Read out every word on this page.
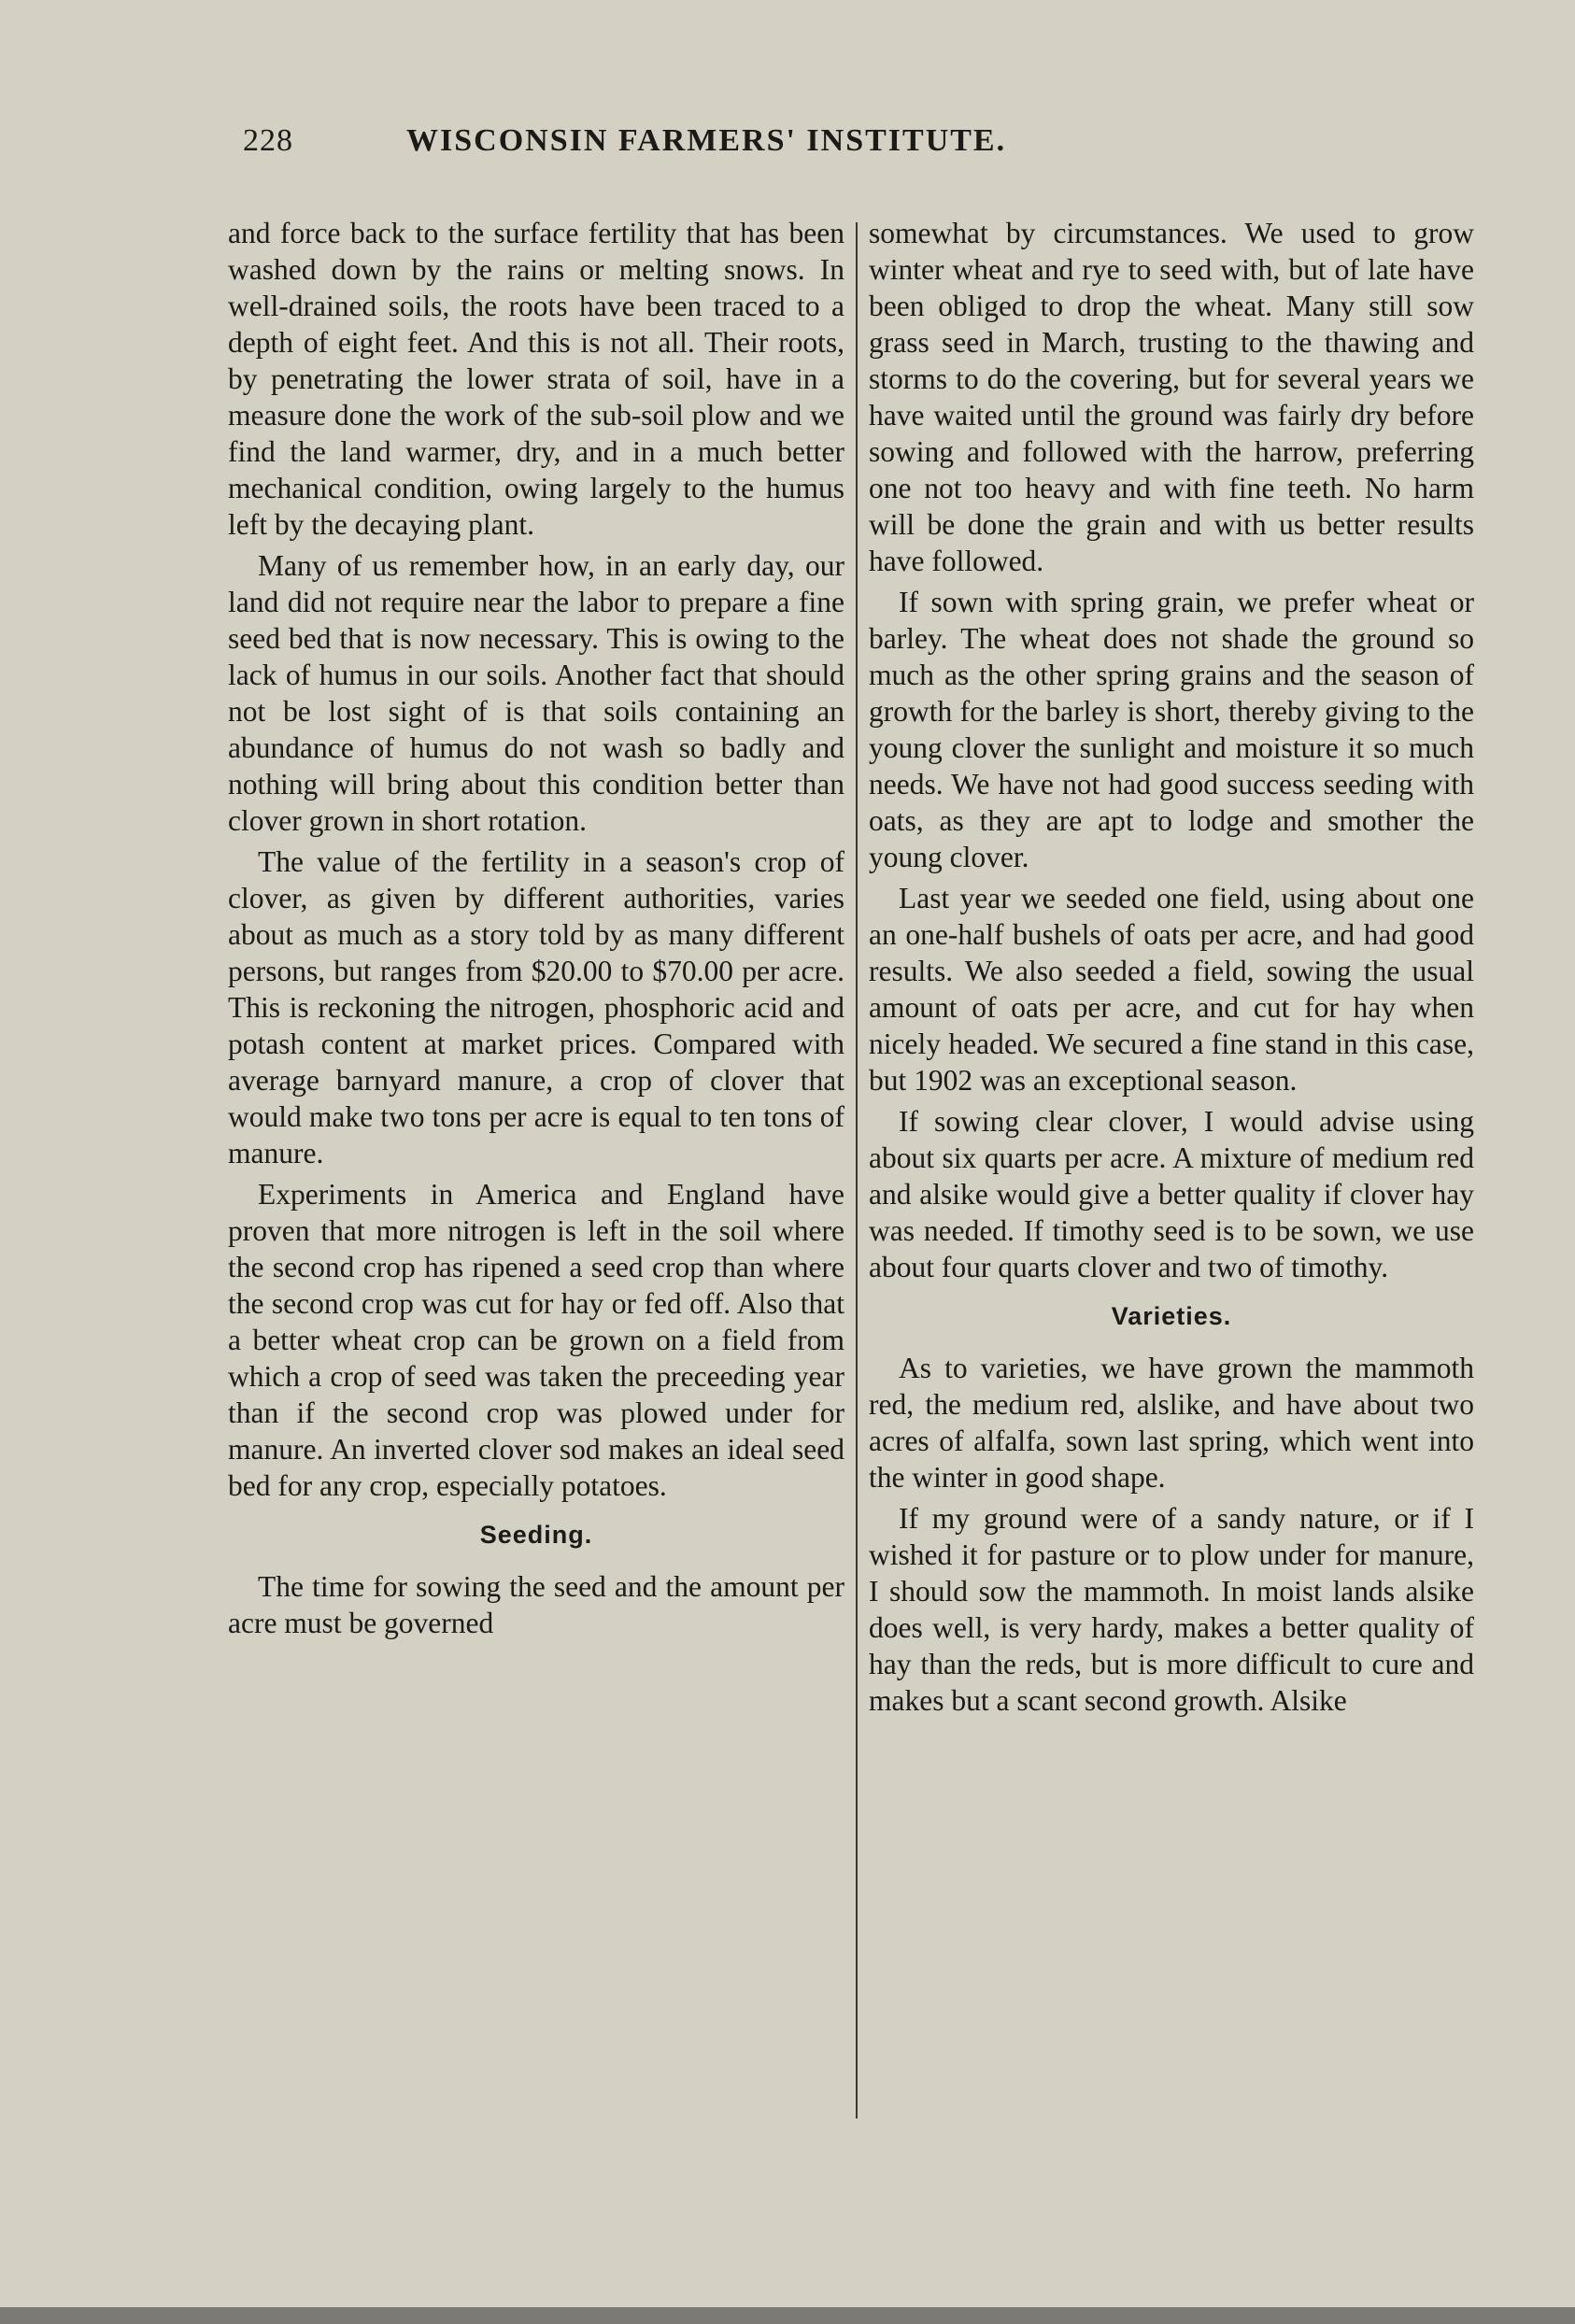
228	WISCONSIN FARMERS' INSTITUTE.

and force back to the surface fertility that has been washed down by the rains or melting snows. In well-drained soils, the roots have been traced to a depth of eight feet. And this is not all. Their roots, by penetrating the lower strata of soil, have in a measure done the work of the sub-soil plow and we find the land warmer, dry, and in a much better mechanical condition, owing largely to the humus left by the decaying plant.

Many of us remember how, in an early day, our land did not require near the labor to prepare a fine seed bed that is now necessary. This is owing to the lack of humus in our soils. Another fact that should not be lost sight of is that soils containing an abundance of humus do not wash so badly and nothing will bring about this condition better than clover grown in short rotation.

The value of the fertility in a season's crop of clover, as given by different authorities, varies about as much as a story told by as many different persons, but ranges from $20.00 to $70.00 per acre. This is reckoning the nitrogen, phosphoric acid and potash content at market prices. Compared with average barnyard manure, a crop of clover that would make two tons per acre is equal to ten tons of manure.

Experiments in America and England have proven that more nitrogen is left in the soil where the second crop has ripened a seed crop than where the second crop was cut for hay or fed off. Also that a better wheat crop can be grown on a field from which a crop of seed was taken the preceeding year than if the second crop was plowed under for manure. An inverted clover sod makes an ideal seed bed for any crop, especially potatoes.

Seeding.

The time for sowing the seed and the amount per acre must be governed

somewhat by circumstances. We used to grow winter wheat and rye to seed with, but of late have been obliged to drop the wheat. Many still sow grass seed in March, trusting to the thawing and storms to do the covering, but for several years we have waited until the ground was fairly dry before sowing and followed with the harrow, preferring one not too heavy and with fine teeth. No harm will be done the grain and with us better results have followed.

If sown with spring grain, we prefer wheat or barley. The wheat does not shade the ground so much as the other spring grains and the season of growth for the barley is short, thereby giving to the young clover the sunlight and moisture it so much needs. We have not had good success seeding with oats, as they are apt to lodge and smother the young clover.

Last year we seeded one field, using about one an one-half bushels of oats per acre, and had good results. We also seeded a field, sowing the usual amount of oats per acre, and cut for hay when nicely headed. We secured a fine stand in this case, but 1902 was an exceptional season.

If sowing clear clover, I would advise using about six quarts per acre. A mixture of medium red and alsike would give a better quality if clover hay was needed. If timothy seed is to be sown, we use about four quarts clover and two of timothy.

Varieties.

As to varieties, we have grown the mammoth red, the medium red, alslike, and have about two acres of alfalfa, sown last spring, which went into the winter in good shape.

If my ground were of a sandy nature, or if I wished it for pasture or to plow under for manure, I should sow the mammoth. In moist lands alsike does well, is very hardy, makes a better quality of hay than the reds, but is more difficult to cure and makes but a scant second growth. Alsike
